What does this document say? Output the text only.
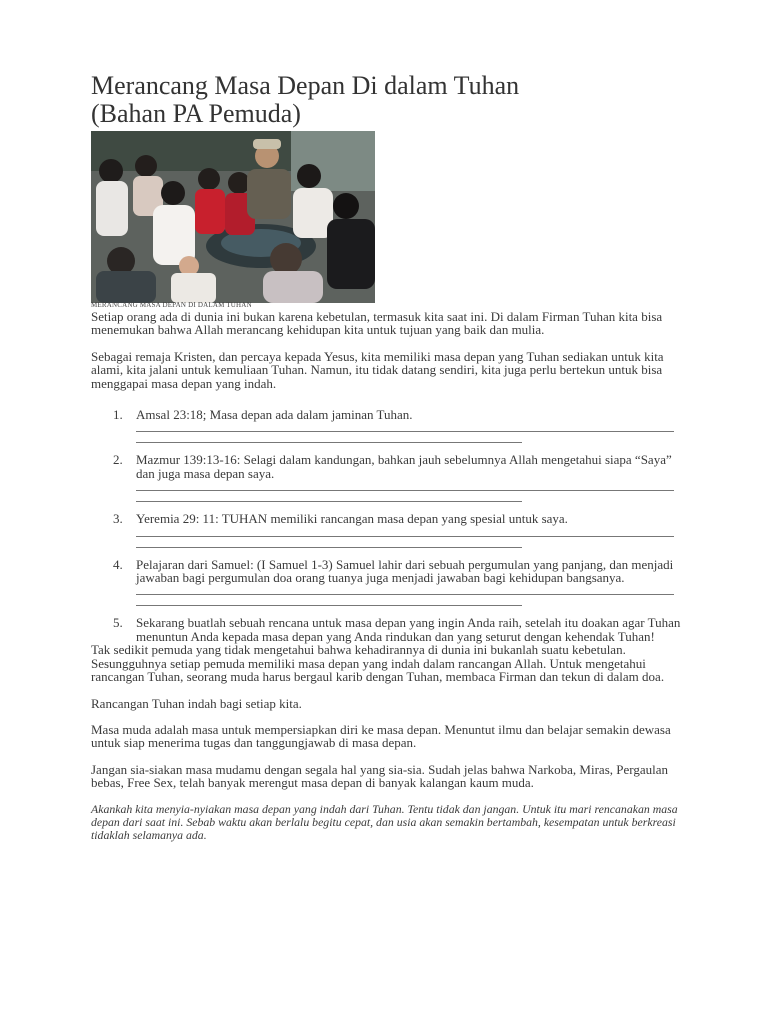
Merancang Masa Depan Di dalam Tuhan
(Bahan PA Pemuda)
MERANCANG MASA DEPAN DI DALAM TUHAN

Setiap orang ada di dunia ini bukan karena kebetulan, termasuk kita saat ini. Di dalam Firman Tuhan kita bisa menemukan bahwa Allah merancang kehidupan kita untuk tujuan yang baik dan mulia.

Sebagai remaja Kristen, dan percaya kepada Yesus, kita memiliki masa depan yang Tuhan sediakan untuk kita alami, kita jalani untuk kemuliaan Tuhan. Namun, itu tidak datang sendiri, kita juga perlu bertekun untuk bisa menggapai masa depan yang indah.

1. Amsal 23:18; Masa depan ada dalam jaminan Tuhan.
2. Mazmur 139:13-16: Selagi dalam kandungan, bahkan jauh sebelumnya Allah mengetahui siapa “Saya” dan juga masa depan saya.
3. Yeremia 29: 11: TUHAN memiliki rancangan masa depan yang spesial untuk saya.
4. Pelajaran dari Samuel: (I Samuel 1-3) Samuel lahir dari sebuah pergumulan yang panjang, dan menjadi jawaban bagi pergumulan doa orang tuanya juga menjadi jawaban bagi kehidupan bangsanya.
5. Sekarang buatlah sebuah rencana untuk masa depan yang ingin Anda raih, setelah itu doakan agar Tuhan menuntun Anda kepada masa depan yang Anda rindukan dan yang seturut dengan kehendak Tuhan!

Tak sedikit pemuda yang tidak mengetahui bahwa kehadirannya di dunia ini bukanlah suatu kebetulan. Sesungguhnya setiap pemuda memiliki masa depan yang indah dalam rancangan Allah. Untuk mengetahui rancangan Tuhan, seorang muda harus bergaul karib dengan Tuhan, membaca Firman dan tekun di dalam doa.

Rancangan Tuhan indah bagi setiap kita.

Masa muda adalah masa untuk mempersiapkan diri ke masa depan. Menuntut ilmu dan belajar semakin dewasa untuk siap menerima tugas dan tanggungjawab di masa depan.

Jangan sia-siakan masa mudamu dengan segala hal yang sia-sia. Sudah jelas bahwa Narkoba, Miras, Pergaulan bebas, Free Sex, telah banyak merengut masa depan di banyak kalangan kaum muda.

Akankah kita menyia-nyiakan masa depan yang indah dari Tuhan. Tentu tidak dan jangan. Untuk itu mari rencanakan masa depan dari saat ini. Sebab waktu akan berlalu begitu cepat, dan usia akan semakin bertambah, kesempatan untuk berkreasi tidaklah selamanya ada.
